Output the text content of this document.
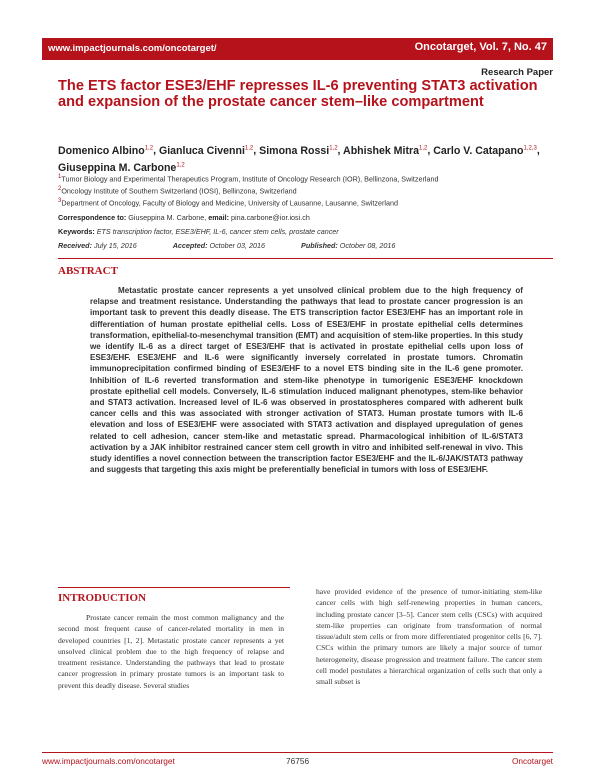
www.impactjournals.com/oncotarget/	Oncotarget, Vol. 7, No. 47
Research Paper
The ETS factor ESE3/EHF represses IL-6 preventing STAT3 activation and expansion of the prostate cancer stem–like compartment
Domenico Albino$^{1,2}$, Gianluca Civenni$^{1,2}$, Simona Rossi$^{1,2}$, Abhishek Mitra$^{1,2}$, Carlo V. Catapano$^{1,2,3}$, Giuseppina M. Carbone$^{1,2}$
$^1$Tumor Biology and Experimental Therapeutics Program, Institute of Oncology Research (IOR), Bellinzona, Switzerland
$^2$Oncology Institute of Southern Switzerland (IOSI), Bellinzona, Switzerland
$^3$Department of Oncology, Faculty of Biology and Medicine, University of Lausanne, Lausanne, Switzerland
Correspondence to: Giuseppina M. Carbone, email: pina.carbone@ior.iosi.ch
Keywords: ETS transcription factor, ESE3/EHF, IL-6, cancer stem cells, prostate cancer
Received: July 15, 2016	Accepted: October 03, 2016	Published: October 08, 2016
ABSTRACT
Metastatic prostate cancer represents a yet unsolved clinical problem due to the high frequency of relapse and treatment resistance. Understanding the pathways that lead to prostate cancer progression is an important task to prevent this deadly disease. The ETS transcription factor ESE3/EHF has an important role in differentiation of human prostate epithelial cells. Loss of ESE3/EHF in prostate epithelial cells determines transformation, epithelial-to-mesenchymal transition (EMT) and acquisition of stem-like properties. In this study we identify IL-6 as a direct target of ESE3/EHF that is activated in prostate epithelial cells upon loss of ESE3/EHF. ESE3/EHF and IL-6 were significantly inversely correlated in prostate tumors. Chromatin immunoprecipitation confirmed binding of ESE3/EHF to a novel ETS binding site in the IL-6 gene promoter. Inhibition of IL-6 reverted transformation and stem-like phenotype in tumorigenic ESE3/EHF knockdown prostate epithelial cell models. Conversely, IL-6 stimulation induced malignant phenotypes, stem-like behavior and STAT3 activation. Increased level of IL-6 was observed in prostatospheres compared with adherent bulk cancer cells and this was associated with stronger activation of STAT3. Human prostate tumors with IL-6 elevation and loss of ESE3/EHF were associated with STAT3 activation and displayed upregulation of genes related to cell adhesion, cancer stem-like and metastatic spread. Pharmacological inhibition of IL-6/STAT3 activation by a JAK inhibitor restrained cancer stem cell growth in vitro and inhibited self-renewal in vivo. This study identifies a novel connection between the transcription factor ESE3/EHF and the IL-6/JAK/STAT3 pathway and suggests that targeting this axis might be preferentially beneficial in tumors with loss of ESE3/EHF.
INTRODUCTION
Prostate cancer remain the most common malignancy and the second most frequent cause of cancer-related mortality in men in developed countries [1, 2]. Metastatic prostate cancer represents a yet unsolved clinical problem due to the high frequency of relapse and treatment resistance. Understanding the pathways that lead to prostate cancer progression in primary prostate tumors is an important task to prevent this deadly disease. Several studies
have provided evidence of the presence of tumor-initiating stem-like cancer cells with high self-renewing properties in human cancers, including prostate cancer [3–5]. Cancer stem cells (CSCs) with acquired stem-like properties can originate from transformation of normal tissue/adult stem cells or from more differentiated progenitor cells [6, 7]. CSCs within the primary tumors are likely a major source of tumor heterogeneity, disease progression and treatment failure. The cancer stem cell model postulates a hierarchical organization of cells such that only a small subset is
www.impactjournals.com/oncotarget	76756	Oncotarget
